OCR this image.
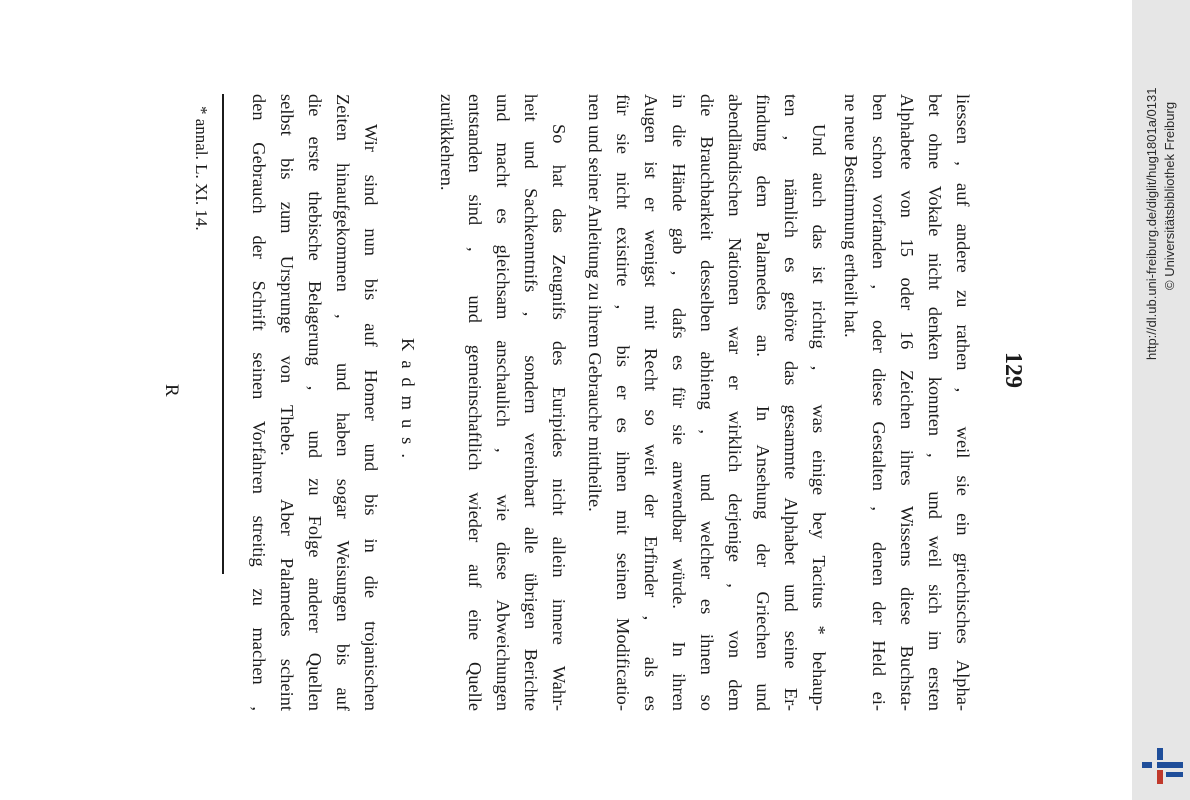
129
liessen , auf andere zu rathen ,  weil sie ein griechisches Alpha-
bet ohne Vokale nicht denken konnten ,  und weil sich im ersten
Alphabete von 15 oder 16 Zeichen ihres Wissens diese Buchsta-
ben schon vorfanden ,  oder diese Gestalten ,  denen der Held ei-
ne neue Bestimmung ertheilt hat.
Und auch das ist richtig ,  was einige bey Tacitus * behaup-
ten ,  nämlich es gehöre das gesammte Alphabet und seine Er-
findung dem Palamedes an.  In Ansehung der Griechen und
abendländischen Nationen war er wirklich derjenige ,  von dem
die Brauchbarkeit desselben abhieng ,  und welcher es ihnen so
in die Hände gab ,  dafs es für sie anwendbar würde.  In ihren
Augen ist er wenigst mit Recht so weit der Erfinder ,  als es
für sie nicht existirte ,  bis er es ihnen mit seinen Modificatio-
nen und seiner Anleitung zu ihrem Gebrauche mittheilte.
So hat das Zeugnifs des Euripides nicht allein innere Wahr-
heit und Sachkenntnifs ,  sondern vereinbart alle übrigen Berichte
und macht es gleichsam anschaulich ,  wie diese Abweichungen
entstanden sind ,  und gemeinschaftlich wieder auf eine Quelle
zurükkehren.
Kadmus.
Wir sind nun bis auf Homer und bis in die trojanischen
Zeiten hinaufgekommen ,  und haben sogar Weisungen bis auf
die erste thebische Belagerung ,  und zu Folge anderer Quellen
selbst bis zum Ursprunge von Thebe.  Aber Palamedes scheint
den Gebrauch der Schrift seinen Vorfahren streitig zu machen ,
* annal. L. XI. 14.
R
http://dl.ub.uni-freiburg.de/diglit/hug1801a/0131 © Universitätsbibliothek Freiburg
